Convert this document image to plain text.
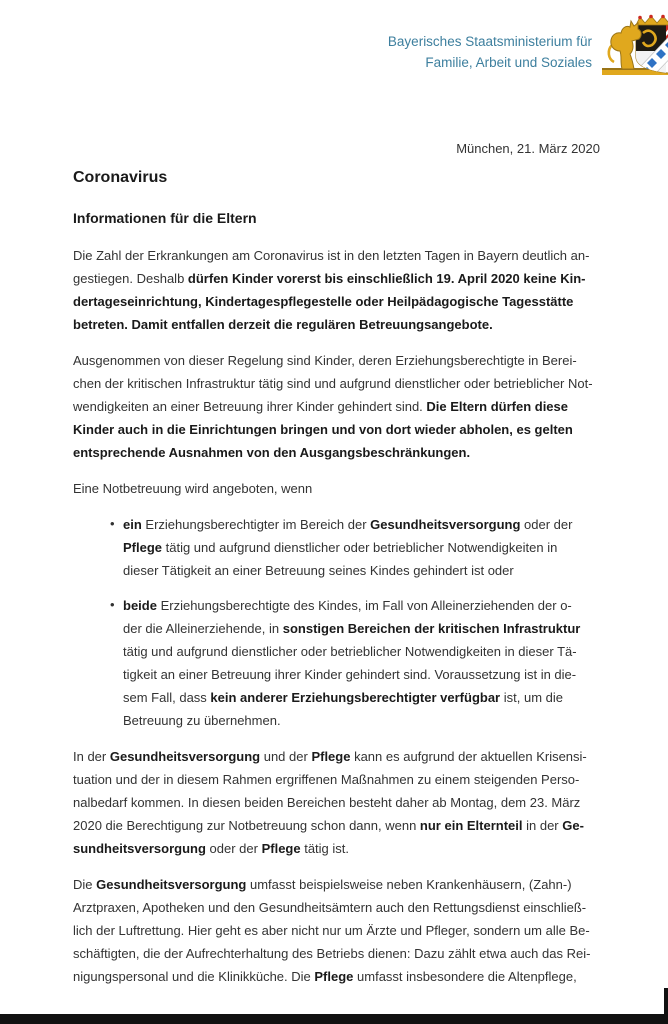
Bayerisches Staatsministerium für
Familie, Arbeit und Soziales
München, 21. März 2020
Coronavirus
Informationen für die Eltern
Die Zahl der Erkrankungen am Coronavirus ist in den letzten Tagen in Bayern deutlich an-
gestiegen. Deshalb dürfen Kinder vorerst bis einschließlich 19. April 2020 keine Kin-
dertageseinrichtung, Kindertagespflegestelle oder Heilpädagogische Tagesstätte
betreten. Damit entfallen derzeit die regulären Betreuungsangebote.
Ausgenommen von dieser Regelung sind Kinder, deren Erziehungsberechtigte in Berei-
chen der kritischen Infrastruktur tätig sind und aufgrund dienstlicher oder betrieblicher Not-
wendigkeiten an einer Betreuung ihrer Kinder gehindert sind. Die Eltern dürfen diese
Kinder auch in die Einrichtungen bringen und von dort wieder abholen, es gelten
entsprechende Ausnahmen von den Ausgangsbeschränkungen.
Eine Notbetreuung wird angeboten, wenn
• ein Erziehungsberechtigter im Bereich der Gesundheitsversorgung oder der
Pflege tätig und aufgrund dienstlicher oder betrieblicher Notwendigkeiten in
dieser Tätigkeit an einer Betreuung seines Kindes gehindert ist oder
• beide Erziehungsberechtigte des Kindes, im Fall von Alleinerziehenden der o-
der die Alleinerziehende, in sonstigen Bereichen der kritischen Infrastruktur
tätig und aufgrund dienstlicher oder betrieblicher Notwendigkeiten in dieser Tä-
tigkeit an einer Betreuung ihrer Kinder gehindert sind. Voraussetzung ist in die-
sem Fall, dass kein anderer Erziehungsberechtigter verfügbar ist, um die
Betreuung zu übernehmen.
In der Gesundheitsversorgung und der Pflege kann es aufgrund der aktuellen Krisensi-
tuation und der in diesem Rahmen ergriffenen Maßnahmen zu einem steigenden Perso-
nalbedarf kommen. In diesen beiden Bereichen besteht daher ab Montag, dem 23. März
2020 die Berechtigung zur Notbetreuung schon dann, wenn nur ein Elternteil in der Ge-
sundheitsversorgung oder der Pflege tätig ist.
Die Gesundheitsversorgung umfasst beispielsweise neben Krankenhäusern, (Zahn-)
Arztpraxen, Apotheken und den Gesundheitsämtern auch den Rettungsdienst einschließ-
lich der Luftrettung. Hier geht es aber nicht nur um Ärzte und Pfleger, sondern um alle Be-
schäftigten, die der Aufrechterhaltung des Betriebs dienen: Dazu zählt etwa auch das Rei-
nigungspersonal und die Klinikküche. Die Pflege umfasst insbesondere die Altenpflege,
